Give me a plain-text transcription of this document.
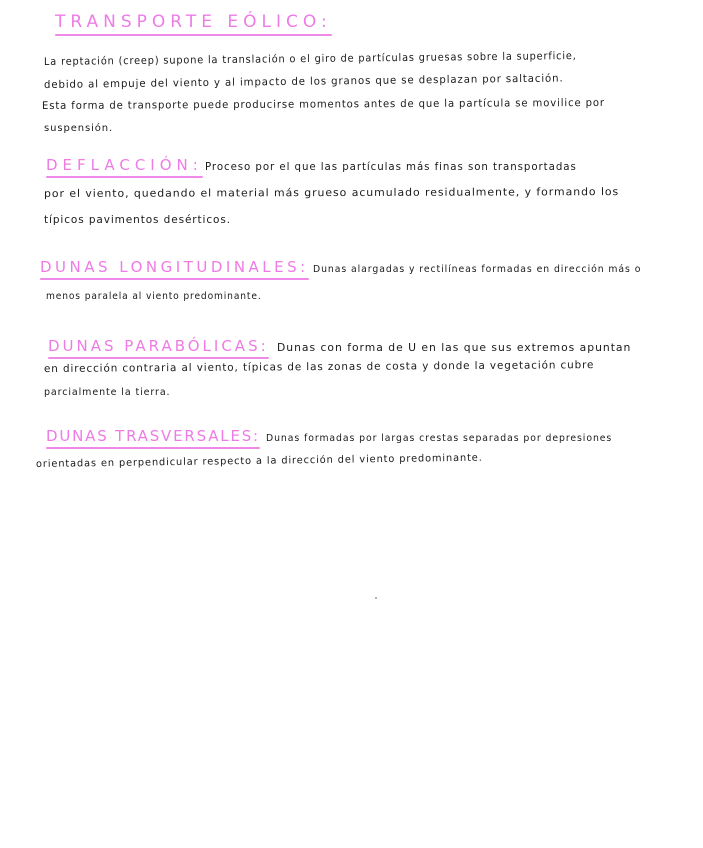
TRANSPORTE EÓLICO:
La reptación (creep) supone la translación o el giro de partículas gruesas sobre la superficie,
debido al empuje del viento y al impacto de los granos que se desplazan por saltación.
Esta forma de transporte puede producirse momentos antes de que la partícula se movilice por
suspensión.
DEFLACCIÓN: Proceso por el que las partículas más finas son transportadas
por el viento, quedando el material más grueso acumulado residualmente, y formando los
típicos pavimentos desérticos.
DUNAS LONGITUDINALES: Dunas alargadas y rectilíneas formadas en dirección más o
menos paralela al viento predominante.
DUNAS PARABÓLICAS: Dunas con forma de U en las que sus extremos apuntan
en dirección contraria al viento, típicas de las zonas de costa y donde la vegetación cubre
parcialmente la tierra.
DUNAS TRASVERSALES: Dunas formadas por largas crestas separadas por depresiones
orientadas en perpendicular respecto a la dirección del viento predominante.
